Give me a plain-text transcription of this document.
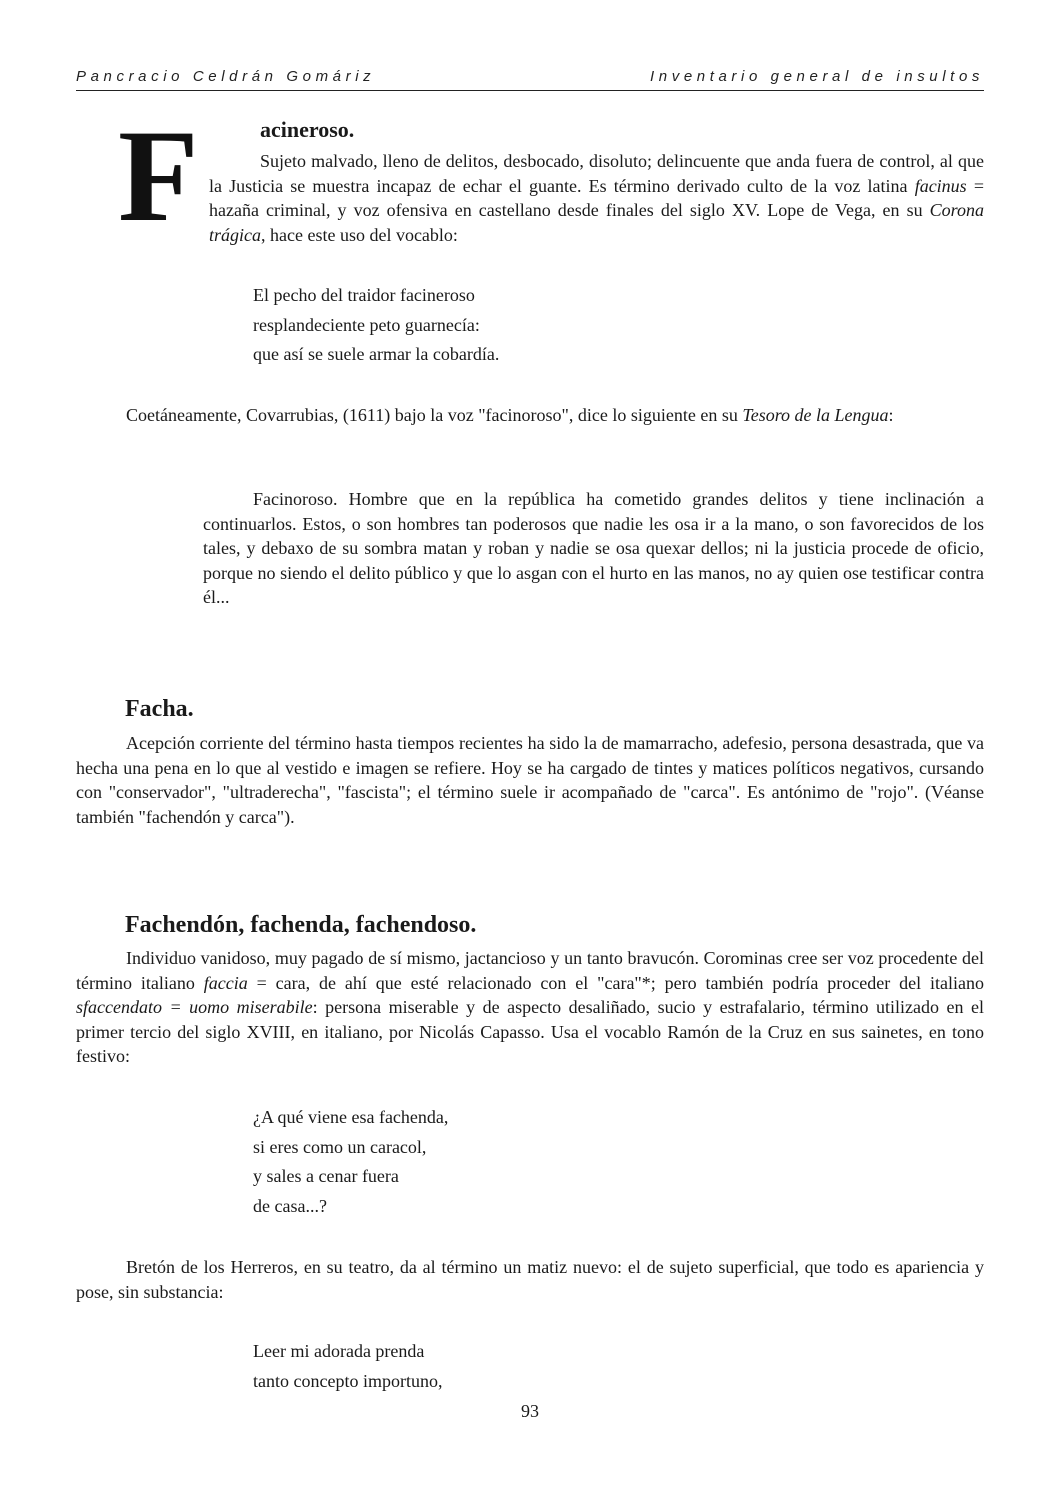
Pancracio Celdrán Gomáriz	Inventario general de insultos
F	acineroso.

Sujeto malvado, lleno de delitos, desbocado, disoluto; delincuente que anda fuera de control, al que la Justicia se muestra incapaz de echar el guante. Es término derivado culto de la voz latina facinus = hazaña criminal, y voz ofensiva en castellano desde finales del siglo XV. Lope de Vega, en su Corona trágica, hace este uso del vocablo:

El pecho del traidor facineroso
resplandeciente peto guarnecía:
que así se suele armar la cobardía.

Coetáneamente, Covarrubias, (1611) bajo la voz "facinoroso", dice lo siguiente en su Tesoro de la Lengua:

Facinoroso. Hombre que en la república ha cometido grandes delitos y tiene inclinación a continuarlos. Estos, o son hombres tan poderosos que nadie les osa ir a la mano, o son favorecidos de los tales, y debaxo de su sombra matan y roban y nadie se osa quexar dellos; ni la justicia procede de oficio, porque no siendo el delito público y que lo asgan con el hurto en las manos, no ay quien ose testificar contra él...

Facha.

Acepción corriente del término hasta tiempos recientes ha sido la de mamarracho, adefesio, persona desastrada, que va hecha una pena en lo que al vestido e imagen se refiere. Hoy se ha cargado de tintes y matices políticos negativos, cursando con "conservador", "ultraderecha", "fascista"; el término suele ir acompañado de "carca". Es antónimo de "rojo". (Véanse también "fachendón y carca").

Fachendón, fachenda, fachendoso.

Individuo vanidoso, muy pagado de sí mismo, jactancioso y un tanto bravucón. Corominas cree ser voz procedente del término italiano faccia = cara, de ahí que esté relacionado con el "cara"*; pero también podría proceder del italiano sfaccendato = uomo miserabile: persona miserable y de aspecto desaliñado, sucio y estrafalario, término utilizado en el primer tercio del siglo XVIII, en italiano, por Nicolás Capasso. Usa el vocablo Ramón de la Cruz en sus sainetes, en tono festivo:

¿A qué viene esa fachenda,
si eres como un caracol,
y sales a cenar fuera
de casa...?

Bretón de los Herreros, en su teatro, da al término un matiz nuevo: el de sujeto superficial, que todo es apariencia y pose, sin substancia:

Leer mi adorada prenda
tanto concepto importuno,
93
